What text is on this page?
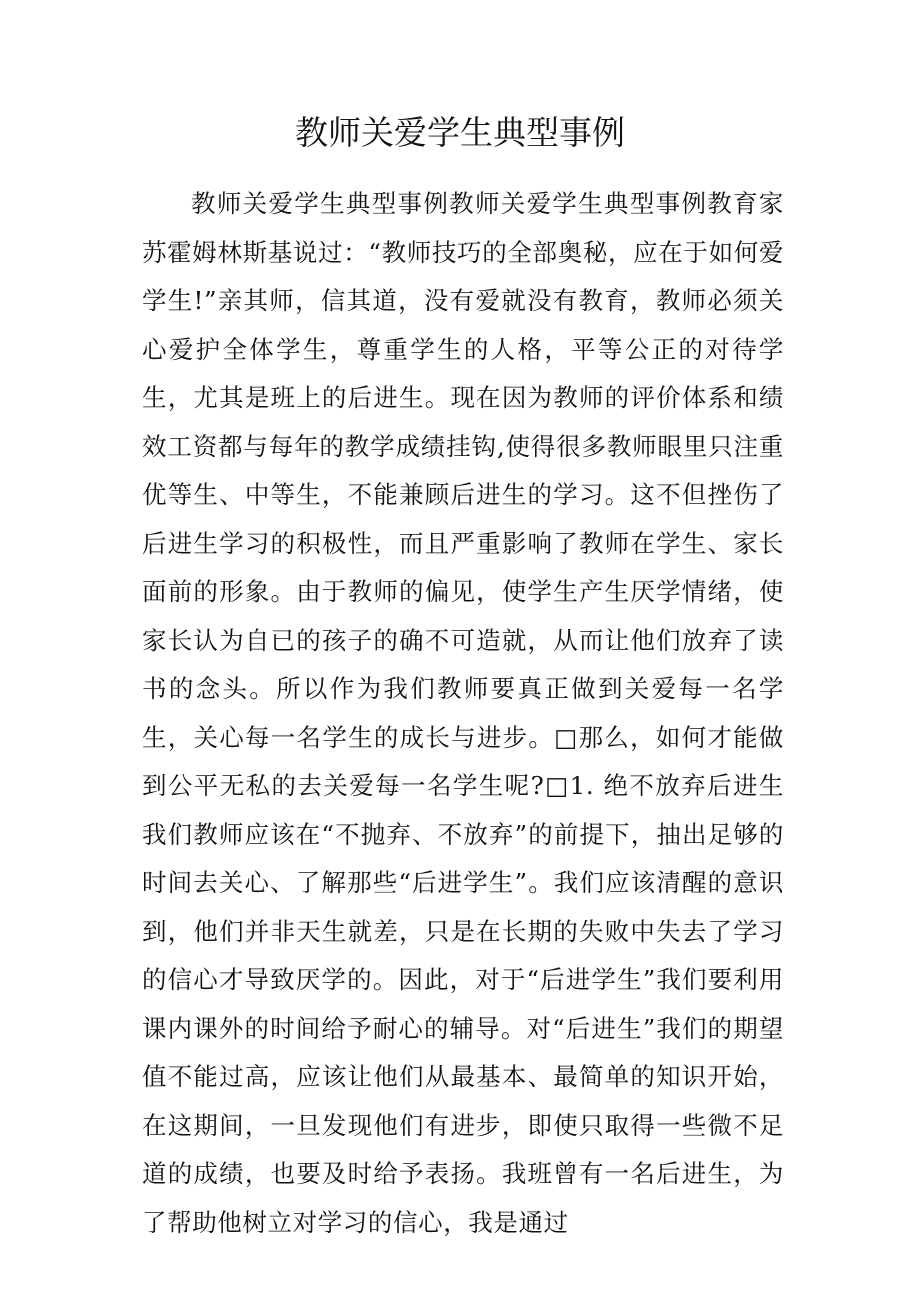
教师关爱学生典型事例

教师关爱学生典型事例教师关爱学生典型事例教育家苏霍姆林斯基说过：“教师技巧的全部奥秘，应在于如何爱学生!”亲其师，信其道，没有爱就没有教育，教师必须关心爱护全体学生，尊重学生的人格，平等公正的对待学生，尤其是班上的后进生。现在因为教师的评价体系和绩效工资都与每年的教学成绩挂钩,使得很多教师眼里只注重优等生、中等生，不能兼顾后进生的学习。这不但挫伤了后进生学习的积极性，而且严重影响了教师在学生、家长面前的形象。由于教师的偏见，使学生产生厌学情绪，使家长认为自已的孩子的确不可造就，从而让他们放弃了读书的念头。所以作为我们教师要真正做到关爱每一名学生，关心每一名学生的成长与进步。□那么，如何才能做到公平无私的去关爱每一名学生呢?□1. 绝不放弃后进生 我们教师应该在“不抛弃、不放弃”的前提下，抽出足够的时间去关心、了解那些“后进学生”。我们应该清醒的意识到，他们并非天生就差，只是在长期的失败中失去了学习的信心才导致厌学的。因此，对于“后进学生”我们要利用课内课外的时间给予耐心的辅导。对“后进生”我们的期望值不能过高，应该让他们从最基本、最简单的知识开始，在这期间，一旦发现他们有进步，即使只取得一些微不足道的成绩，也要及时给予表扬。我班曾有一名后进生，为了帮助他树立对学习的信心，我是通过
